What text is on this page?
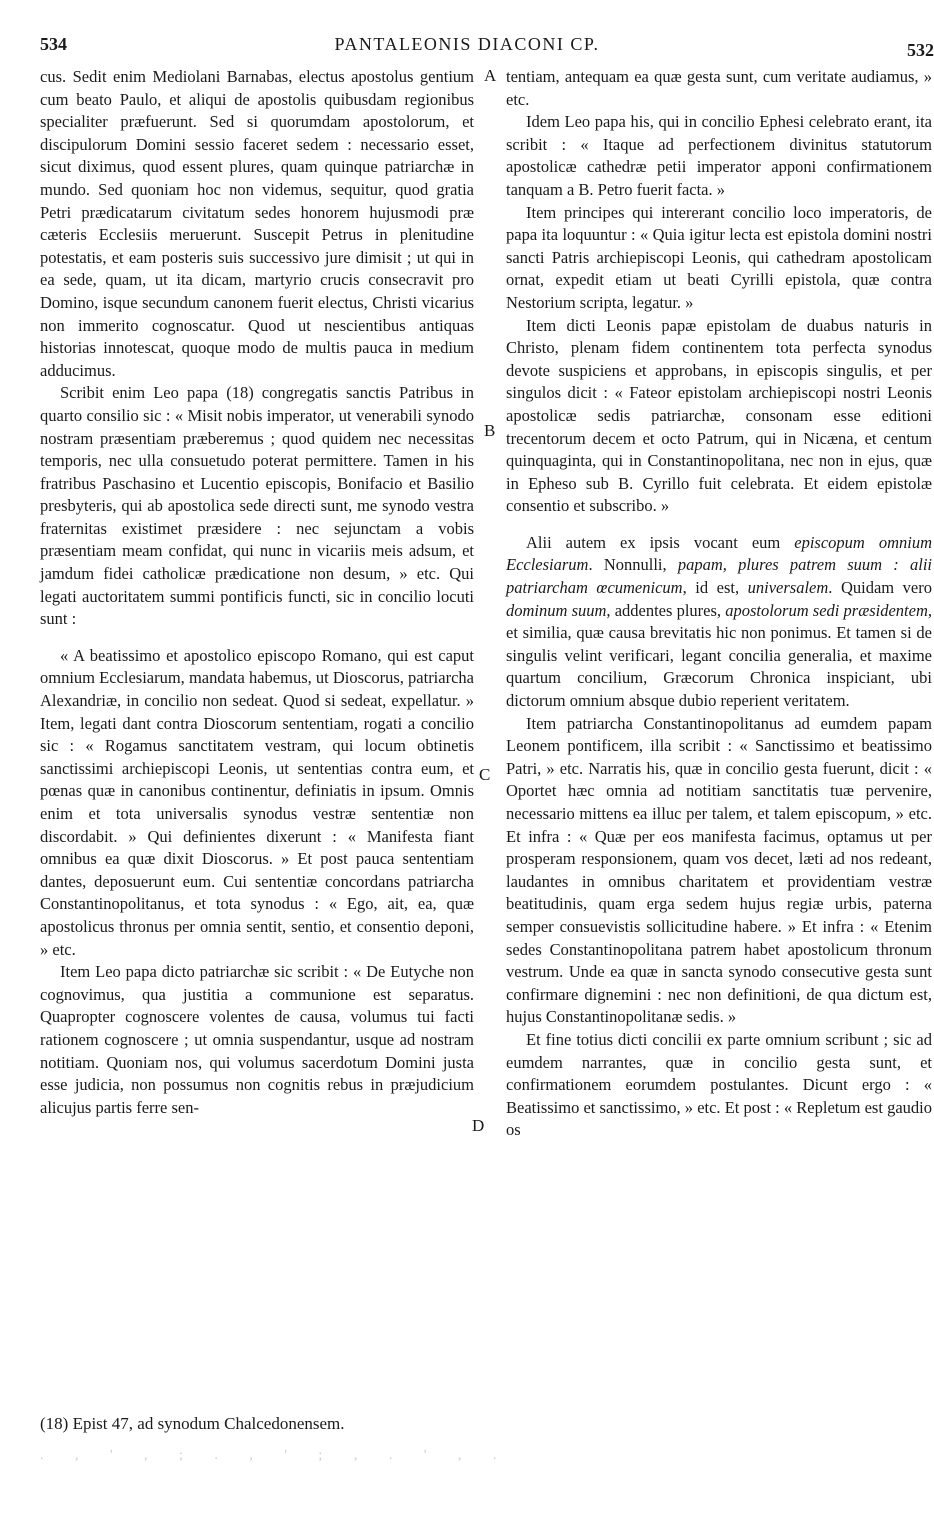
534	PANTALEONIS DIACONI CP.	532

cus. Sedit enim Mediolani Barnabas, electus apostolus gentium cum beato Paulo, et aliqui de apostolis quibusdam regionibus specialiter præfuerunt. Sed si quorumdam apostolorum, et discipulorum Domini sessio faceret sedem : necessario esset, sicut diximus, quod essent plures, quam quinque patriarchæ in mundo. Sed quoniam hoc non videmus, sequitur, quod gratia Petri prædicatarum civitatum sedes honorem hujusmodi præ cæteris Ecclesiis meruerunt. Suscepit Petrus in plenitudine potestatis, et eam posteris suis successivo jure dimisit ; ut qui in ea sede, quam, ut ita dicam, martyrio crucis consecravit pro Domino, isque secundum canonem fuerit electus, Christi vicarius non immerito cognoscatur. Quod ut nescientibus antiquas historias innotescat, quoque modo de multis pauca in medium adducimus.

Scribit enim Leo papa (18) congregatis sanctis Patribus in quarto consilio sic : « Misit nobis imperator, ut venerabili synodo nostram præsentiam præberemus ; quod quidem nec necessitas temporis, nec ulla consuetudo poterat permittere. Tamen in his fratribus Paschasino et Lucentio episcopis, Bonifacio et Basilio presbyteris, qui ab apostolica sede directi sunt, me synodo vestra fraternitas existimet præsidere : nec sejunctam a vobis præsentiam meam confidat, qui nunc in vicariis meis adsum, et jamdum fidei catholicæ prædicatione non desum, » etc. Qui legati auctoritatem summi pontificis functi, sic in concilio locuti sunt :

« A beatissimo et apostolico episcopo Romano, qui est caput omnium Ecclesiarum, mandata habemus, ut Dioscorus, patriarcha Alexandriæ, in concilio non sedeat. Quod si sedeat, expellatur. » Item, legati dant contra Dioscorum sententiam, rogati a concilio sic : « Rogamus sanctitatem vestram, qui locum obtinetis sanctissimi archiepiscopi Leonis, ut sententias contra eum, et pœnas quæ in canonibus continentur, definiatis in ipsum. Omnis enim et tota universalis synodus vestræ sententiæ non discordabit. » Qui definientes dixerunt : « Manifesta fiant omnibus ea quæ dixit Dioscorus. » Et post pauca sententiam dantes, deposuerunt eum. Cui sententiæ concordans patriarcha Constantinopolitanus, et tota synodus : « Ego, ait, ea, quæ apostolicus thronus per omnia sentit, sentio, et consentio deponi, » etc.

Item Leo papa dicto patriarchæ sic scribit : « De Eutyche non cognovimus, qua justitia a communione est separatus. Quapropter cognoscere volentes de causa, volumus tui facti rationem cognoscere ; ut omnia suspendantur, usque ad nostram notitiam. Quoniam nos, qui volumus sacerdotum Domini justa esse judicia, non possumus non cognitis rebus in præjudicium alicujus partis ferre sen-

A
B
C
D

tentiam, antequam ea quæ gesta sunt, cum veritate audiamus, » etc.

Idem Leo papa his, qui in concilio Ephesi celebrato erant, ita scribit : « Itaque ad perfectionem divinitus statutorum apostolicæ cathedræ petii imperator apponi confirmationem tanquam a B. Petro fuerit facta. »

Item principes qui intererant concilio loco imperatoris, de papa ita loquuntur : « Quia igitur lecta est epistola domini nostri sancti Patris archiepiscopi Leonis, qui cathedram apostolicam ornat, expedit etiam ut beati Cyrilli epistola, quæ contra Nestorium scripta, legatur. »

Item dicti Leonis papæ epistolam de duabus naturis in Christo, plenam fidem continentem tota perfecta synodus devote suspiciens et approbans, in episcopis singulis, et per singulos dicit : « Fateor epistolam archiepiscopi nostri Leonis apostolicæ sedis patriarchæ, consonam esse editioni trecentorum decem et octo Patrum, qui in Nicæna, et centum quinquaginta, qui in Constantinopolitana, nec non in ejus, quæ in Epheso sub B. Cyrillo fuit celebrata. Et eidem epistolæ consentio et subscribo. »

Alii autem ex ipsis vocant eum episcopum omnium Ecclesiarum. Nonnulli, papam, plures patrem suum : alii patriarcham œcumenicum, id est, universalem. Quidam vero dominum suum, addentes plures, apostolorum sedi præsidentem, et similia, quæ causa brevitatis hic non ponimus. Et tamen si de singulis velint verificari, legant concilia generalia, et maxime quartum concilium, Græcorum Chronica inspiciant, ubi dictorum omnium absque dubio reperient veritatem.

Item patriarcha Constantinopolitanus ad eumdem papam Leonem pontificem, illa scribit : « Sanctissimo et beatissimo Patri, » etc. Narratis his, quæ in concilio gesta fuerunt, dicit : « Oportet hæc omnia ad notitiam sanctitatis tuæ pervenire, necessario mittens ea illuc per talem, et talem episcopum, » etc. Et infra : « Quæ per eos manifesta facimus, optamus ut per prosperam responsionem, quam vos decet, læti ad nos redeant, laudantes in omnibus charitatem et providentiam vestræ beatitudinis, quam erga sedem hujus regiæ urbis, paterna semper consuevistis sollicitudine habere. » Et infra : « Etenim sedes Constantinopolitana patrem habet apostolicum thronum vestrum. Unde ea quæ in sancta synodo consecutive gesta sunt confirmare dignemini : nec non definitioni, de qua dictum est, hujus Constantinopolitanæ sedis. »

Et fine totius dicti concilii ex parte omnium scribunt ; sic ad eumdem narrantes, quæ in concilio gesta sunt, et confirmationem eorumdem postulantes. Dicunt ergo : « Beatissimo et sanctissimo, » etc. Et post : « Repletum est gaudio os

(18) Epist 47, ad synodum Chalcedonensem.
. , ' , ; . , ' ; , . ' , .
